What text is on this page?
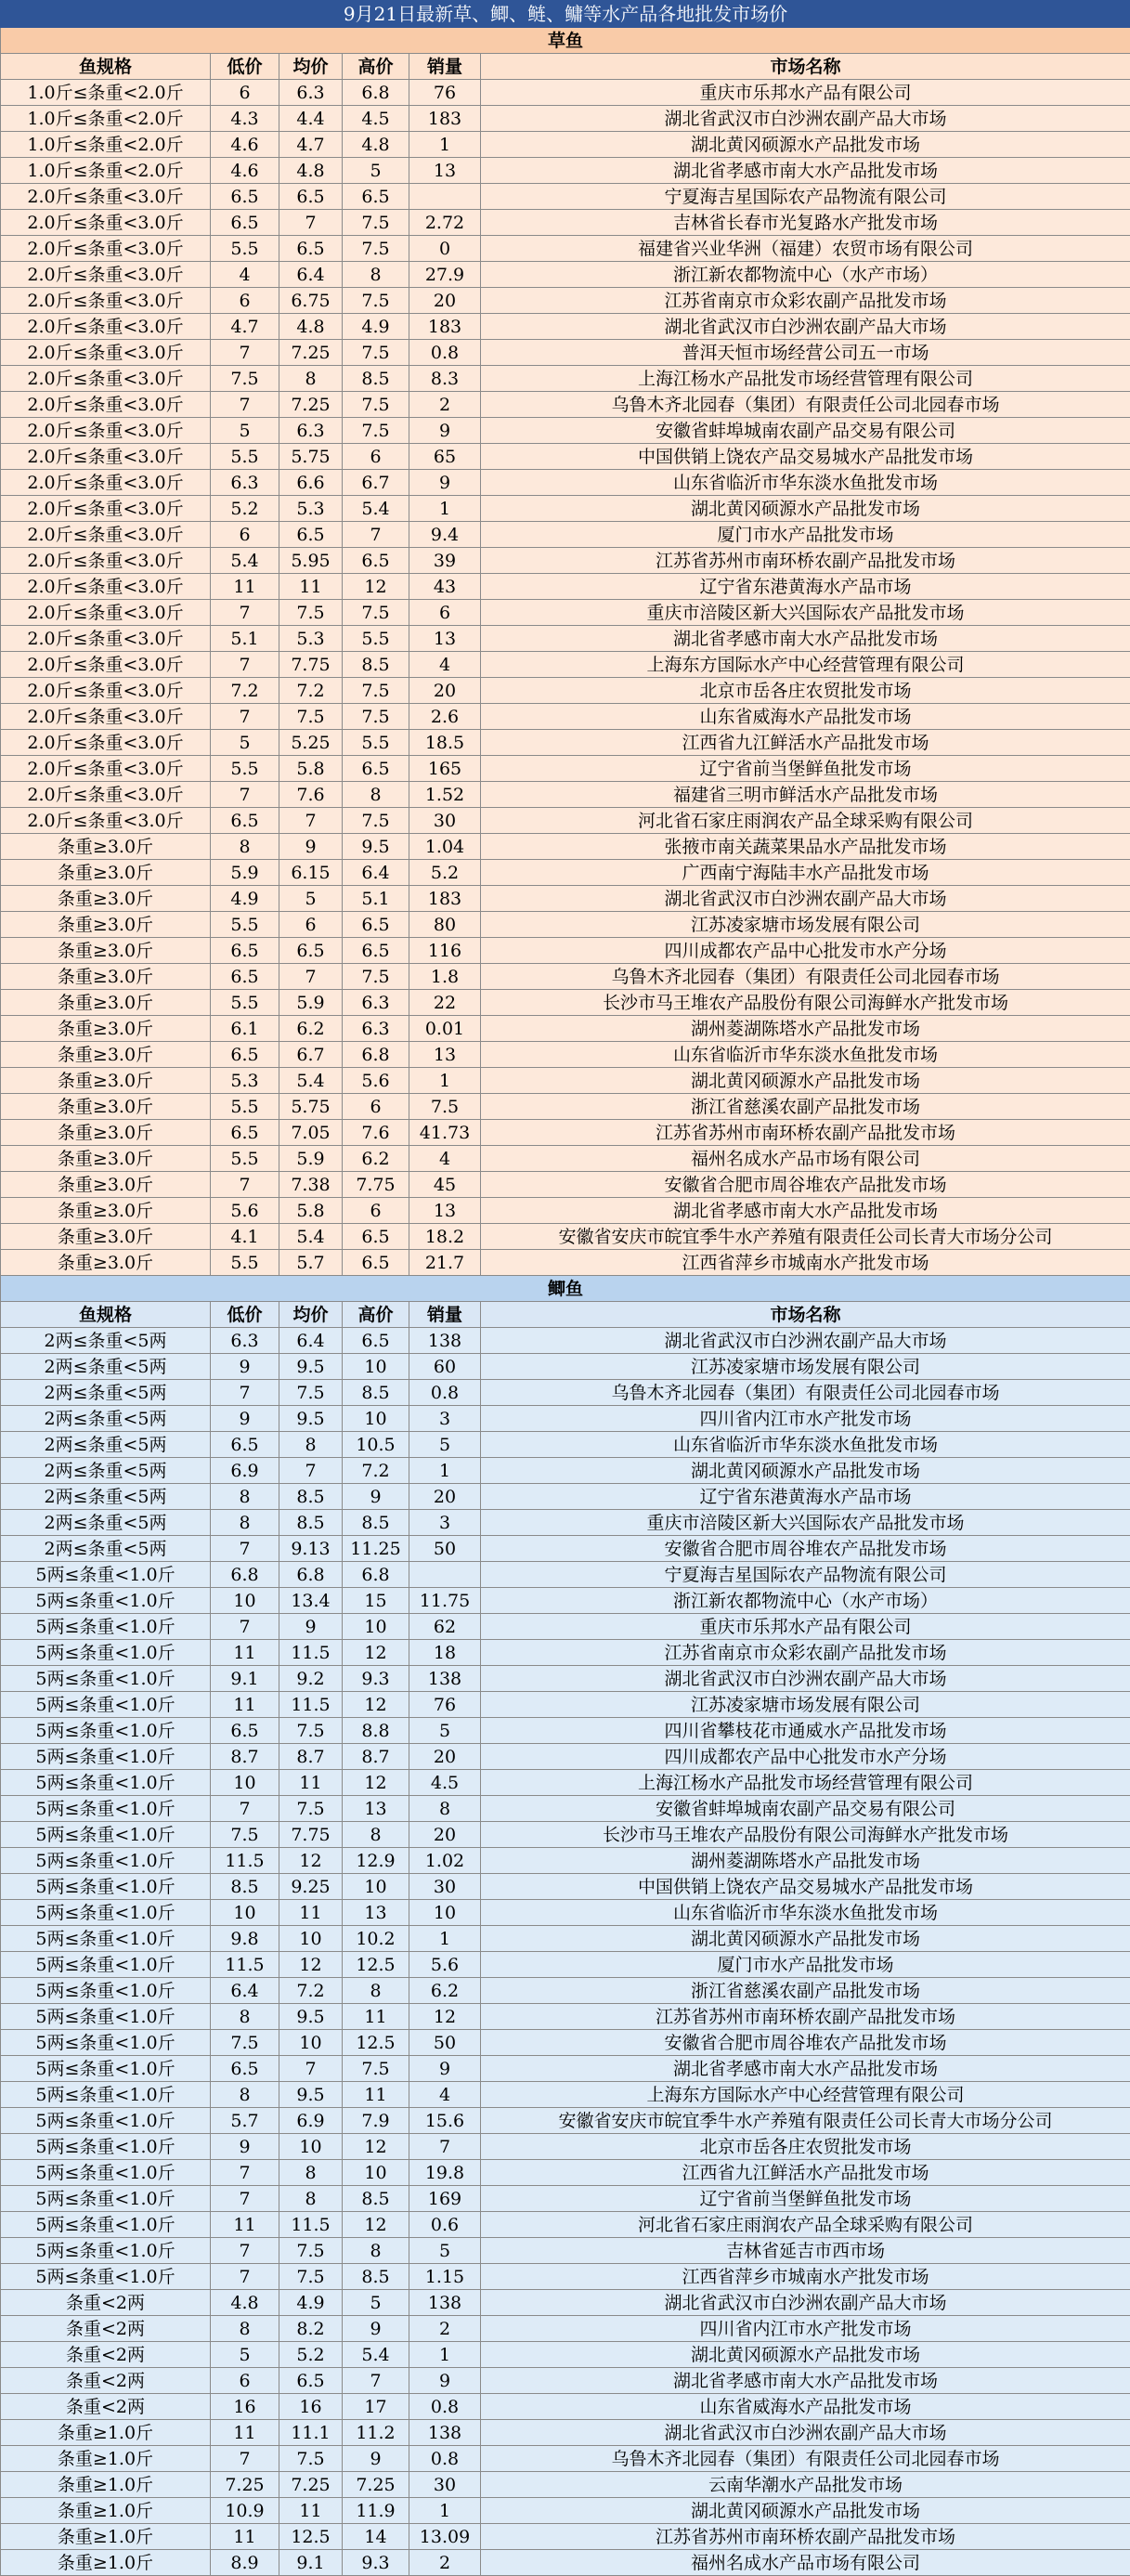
9月21日最新草、鲫、鲢、鳙等水产品各地批发市场价					
草鱼					
鱼规格	低价	均价	高价	销量	市场名称
1.0斤≤条重<2.0斤	6	6.3	6.8	76	重庆市乐邦水产品有限公司
1.0斤≤条重<2.0斤	4.3	4.4	4.5	183	湖北省武汉市白沙洲农副产品大市场
1.0斤≤条重<2.0斤	4.6	4.7	4.8	1	湖北黄冈硕源水产品批发市场
1.0斤≤条重<2.0斤	4.6	4.8	5	13	湖北省孝感市南大水产品批发市场
2.0斤≤条重<3.0斤	6.5	6.5	6.5		宁夏海吉星国际农产品物流有限公司
2.0斤≤条重<3.0斤	6.5	7	7.5	2.72	吉林省长春市光复路水产批发市场
2.0斤≤条重<3.0斤	5.5	6.5	7.5	0	福建省兴业华洲（福建）农贸市场有限公司
2.0斤≤条重<3.0斤	4	6.4	8	27.9	浙江新农都物流中心（水产市场）
2.0斤≤条重<3.0斤	6	6.75	7.5	20	江苏省南京市众彩农副产品批发市场
2.0斤≤条重<3.0斤	4.7	4.8	4.9	183	湖北省武汉市白沙洲农副产品大市场
2.0斤≤条重<3.0斤	7	7.25	7.5	0.8	普洱天恒市场经营公司五一市场
2.0斤≤条重<3.0斤	7.5	8	8.5	8.3	上海江杨水产品批发市场经营管理有限公司
2.0斤≤条重<3.0斤	7	7.25	7.5	2	乌鲁木齐北园春（集团）有限责任公司北园春市场
2.0斤≤条重<3.0斤	5	6.3	7.5	9	安徽省蚌埠城南农副产品交易有限公司
2.0斤≤条重<3.0斤	5.5	5.75	6	65	中国供销上饶农产品交易城水产品批发市场
2.0斤≤条重<3.0斤	6.3	6.6	6.7	9	山东省临沂市华东淡水鱼批发市场
2.0斤≤条重<3.0斤	5.2	5.3	5.4	1	湖北黄冈硕源水产品批发市场
2.0斤≤条重<3.0斤	6	6.5	7	9.4	厦门市水产品批发市场
2.0斤≤条重<3.0斤	5.4	5.95	6.5	39	江苏省苏州市南环桥农副产品批发市场
2.0斤≤条重<3.0斤	11	11	12	43	辽宁省东港黄海水产品市场
2.0斤≤条重<3.0斤	7	7.5	7.5	6	重庆市涪陵区新大兴国际农产品批发市场
2.0斤≤条重<3.0斤	5.1	5.3	5.5	13	湖北省孝感市南大水产品批发市场
2.0斤≤条重<3.0斤	7	7.75	8.5	4	上海东方国际水产中心经营管理有限公司
2.0斤≤条重<3.0斤	7.2	7.2	7.5	20	北京市岳各庄农贸批发市场
2.0斤≤条重<3.0斤	7	7.5	7.5	2.6	山东省威海水产品批发市场
2.0斤≤条重<3.0斤	5	5.25	5.5	18.5	江西省九江鲜活水产品批发市场
2.0斤≤条重<3.0斤	5.5	5.8	6.5	165	辽宁省前当堡鲜鱼批发市场
2.0斤≤条重<3.0斤	7	7.6	8	1.52	福建省三明市鲜活水产品批发市场
2.0斤≤条重<3.0斤	6.5	7	7.5	30	河北省石家庄雨润农产品全球采购有限公司
条重≥3.0斤	8	9	9.5	1.04	张掖市南关蔬菜果品水产品批发市场
条重≥3.0斤	5.9	6.15	6.4	5.2	广西南宁海陆丰水产品批发市场
条重≥3.0斤	4.9	5	5.1	183	湖北省武汉市白沙洲农副产品大市场
条重≥3.0斤	5.5	6	6.5	80	江苏凌家塘市场发展有限公司
条重≥3.0斤	6.5	6.5	6.5	116	四川成都农产品中心批发市水产分场
条重≥3.0斤	6.5	7	7.5	1.8	乌鲁木齐北园春（集团）有限责任公司北园春市场
条重≥3.0斤	5.5	5.9	6.3	22	长沙市马王堆农产品股份有限公司海鲜水产批发市场
条重≥3.0斤	6.1	6.2	6.3	0.01	湖州菱湖陈塔水产品批发市场
条重≥3.0斤	6.5	6.7	6.8	13	山东省临沂市华东淡水鱼批发市场
条重≥3.0斤	5.3	5.4	5.6	1	湖北黄冈硕源水产品批发市场
条重≥3.0斤	5.5	5.75	6	7.5	浙江省慈溪农副产品批发市场
条重≥3.0斤	6.5	7.05	7.6	41.73	江苏省苏州市南环桥农副产品批发市场
条重≥3.0斤	5.5	5.9	6.2	4	福州名成水产品市场有限公司
条重≥3.0斤	7	7.38	7.75	45	安徽省合肥市周谷堆农产品批发市场
条重≥3.0斤	5.6	5.8	6	13	湖北省孝感市南大水产品批发市场
条重≥3.0斤	4.1	5.4	6.5	18.2	安徽省安庆市皖宜季牛水产养殖有限责任公司长青大市场分公司
条重≥3.0斤	5.5	5.7	6.5	21.7	江西省萍乡市城南水产批发市场
鲫鱼					
鱼规格	低价	均价	高价	销量	市场名称
2两≤条重<5两	6.3	6.4	6.5	138	湖北省武汉市白沙洲农副产品大市场
2两≤条重<5两	9	9.5	10	60	江苏凌家塘市场发展有限公司
2两≤条重<5两	7	7.5	8.5	0.8	乌鲁木齐北园春（集团）有限责任公司北园春市场
2两≤条重<5两	9	9.5	10	3	四川省内江市水产批发市场
2两≤条重<5两	6.5	8	10.5	5	山东省临沂市华东淡水鱼批发市场
2两≤条重<5两	6.9	7	7.2	1	湖北黄冈硕源水产品批发市场
2两≤条重<5两	8	8.5	9	20	辽宁省东港黄海水产品市场
2两≤条重<5两	8	8.5	8.5	3	重庆市涪陵区新大兴国际农产品批发市场
2两≤条重<5两	7	9.13	11.25	50	安徽省合肥市周谷堆农产品批发市场
5两≤条重<1.0斤	6.8	6.8	6.8		宁夏海吉星国际农产品物流有限公司
5两≤条重<1.0斤	10	13.4	15	11.75	浙江新农都物流中心（水产市场）
5两≤条重<1.0斤	7	9	10	62	重庆市乐邦水产品有限公司
5两≤条重<1.0斤	11	11.5	12	18	江苏省南京市众彩农副产品批发市场
5两≤条重<1.0斤	9.1	9.2	9.3	138	湖北省武汉市白沙洲农副产品大市场
5两≤条重<1.0斤	11	11.5	12	76	江苏凌家塘市场发展有限公司
5两≤条重<1.0斤	6.5	7.5	8.8	5	四川省攀枝花市通威水产品批发市场
5两≤条重<1.0斤	8.7	8.7	8.7	20	四川成都农产品中心批发市水产分场
5两≤条重<1.0斤	10	11	12	4.5	上海江杨水产品批发市场经营管理有限公司
5两≤条重<1.0斤	7	7.5	13	8	安徽省蚌埠城南农副产品交易有限公司
5两≤条重<1.0斤	7.5	7.75	8	20	长沙市马王堆农产品股份有限公司海鲜水产批发市场
5两≤条重<1.0斤	11.5	12	12.9	1.02	湖州菱湖陈塔水产品批发市场
5两≤条重<1.0斤	8.5	9.25	10	30	中国供销上饶农产品交易城水产品批发市场
5两≤条重<1.0斤	10	11	13	10	山东省临沂市华东淡水鱼批发市场
5两≤条重<1.0斤	9.8	10	10.2	1	湖北黄冈硕源水产品批发市场
5两≤条重<1.0斤	11.5	12	12.5	5.6	厦门市水产品批发市场
5两≤条重<1.0斤	6.4	7.2	8	6.2	浙江省慈溪农副产品批发市场
5两≤条重<1.0斤	8	9.5	11	12	江苏省苏州市南环桥农副产品批发市场
5两≤条重<1.0斤	7.5	10	12.5	50	安徽省合肥市周谷堆农产品批发市场
5两≤条重<1.0斤	6.5	7	7.5	9	湖北省孝感市南大水产品批发市场
5两≤条重<1.0斤	8	9.5	11	4	上海东方国际水产中心经营管理有限公司
5两≤条重<1.0斤	5.7	6.9	7.9	15.6	安徽省安庆市皖宜季牛水产养殖有限责任公司长青大市场分公司
5两≤条重<1.0斤	9	10	12	7	北京市岳各庄农贸批发市场
5两≤条重<1.0斤	7	8	10	19.8	江西省九江鲜活水产品批发市场
5两≤条重<1.0斤	7	8	8.5	169	辽宁省前当堡鲜鱼批发市场
5两≤条重<1.0斤	11	11.5	12	0.6	河北省石家庄雨润农产品全球采购有限公司
5两≤条重<1.0斤	7	7.5	8	5	吉林省延吉市西市场
5两≤条重<1.0斤	7	7.5	8.5	1.15	江西省萍乡市城南水产批发市场
条重<2两	4.8	4.9	5	138	湖北省武汉市白沙洲农副产品大市场
条重<2两	8	8.2	9	2	四川省内江市水产批发市场
条重<2两	5	5.2	5.4	1	湖北黄冈硕源水产品批发市场
条重<2两	6	6.5	7	9	湖北省孝感市南大水产品批发市场
条重<2两	16	16	17	0.8	山东省威海水产品批发市场
条重≥1.0斤	11	11.1	11.2	138	湖北省武汉市白沙洲农副产品大市场
条重≥1.0斤	7	7.5	9	0.8	乌鲁木齐北园春（集团）有限责任公司北园春市场
条重≥1.0斤	7.25	7.25	7.25	30	云南华潮水产品批发市场
条重≥1.0斤	10.9	11	11.9	1	湖北黄冈硕源水产品批发市场
条重≥1.0斤	11	12.5	14	13.09	江苏省苏州市南环桥农副产品批发市场
条重≥1.0斤	8.9	9.1	9.3	2	福州名成水产品市场有限公司
